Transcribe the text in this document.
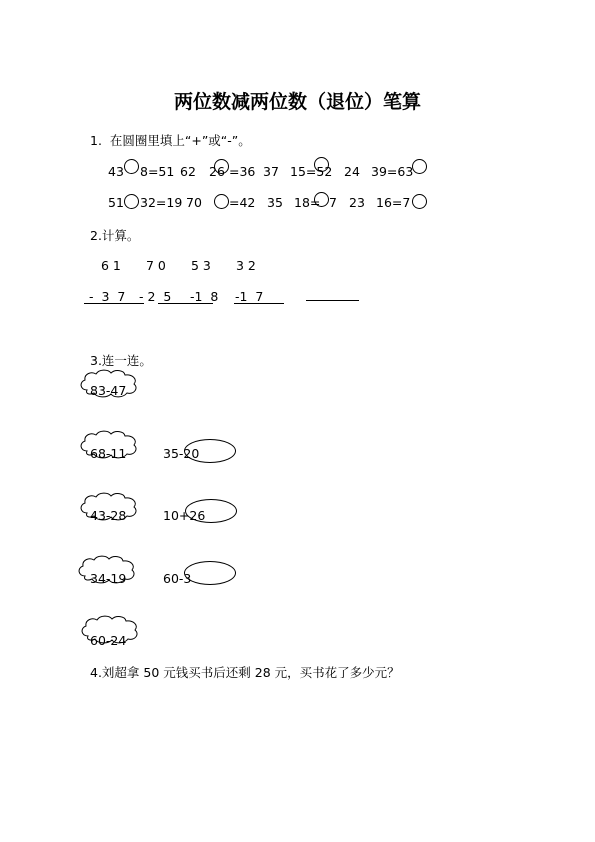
两位数减两位数（退位）笔算
1.  在圆圈里填上“+”或“-”。
43 8=51 62 26 =36 37 15=52 24 39=63
51 32=19 70 =42 35 18= 7 23 16=7
2.计算。
6 1 7 0 5 3 3 2
-  3  7 - 2  5 -1  8 -1  7
3.连一连。
83-47
68-11
43-28
34-19
60-24
35-20
10+26
60-3
4.刘超拿 50 元钱买书后还剩 28 元，买书花了多少元？
